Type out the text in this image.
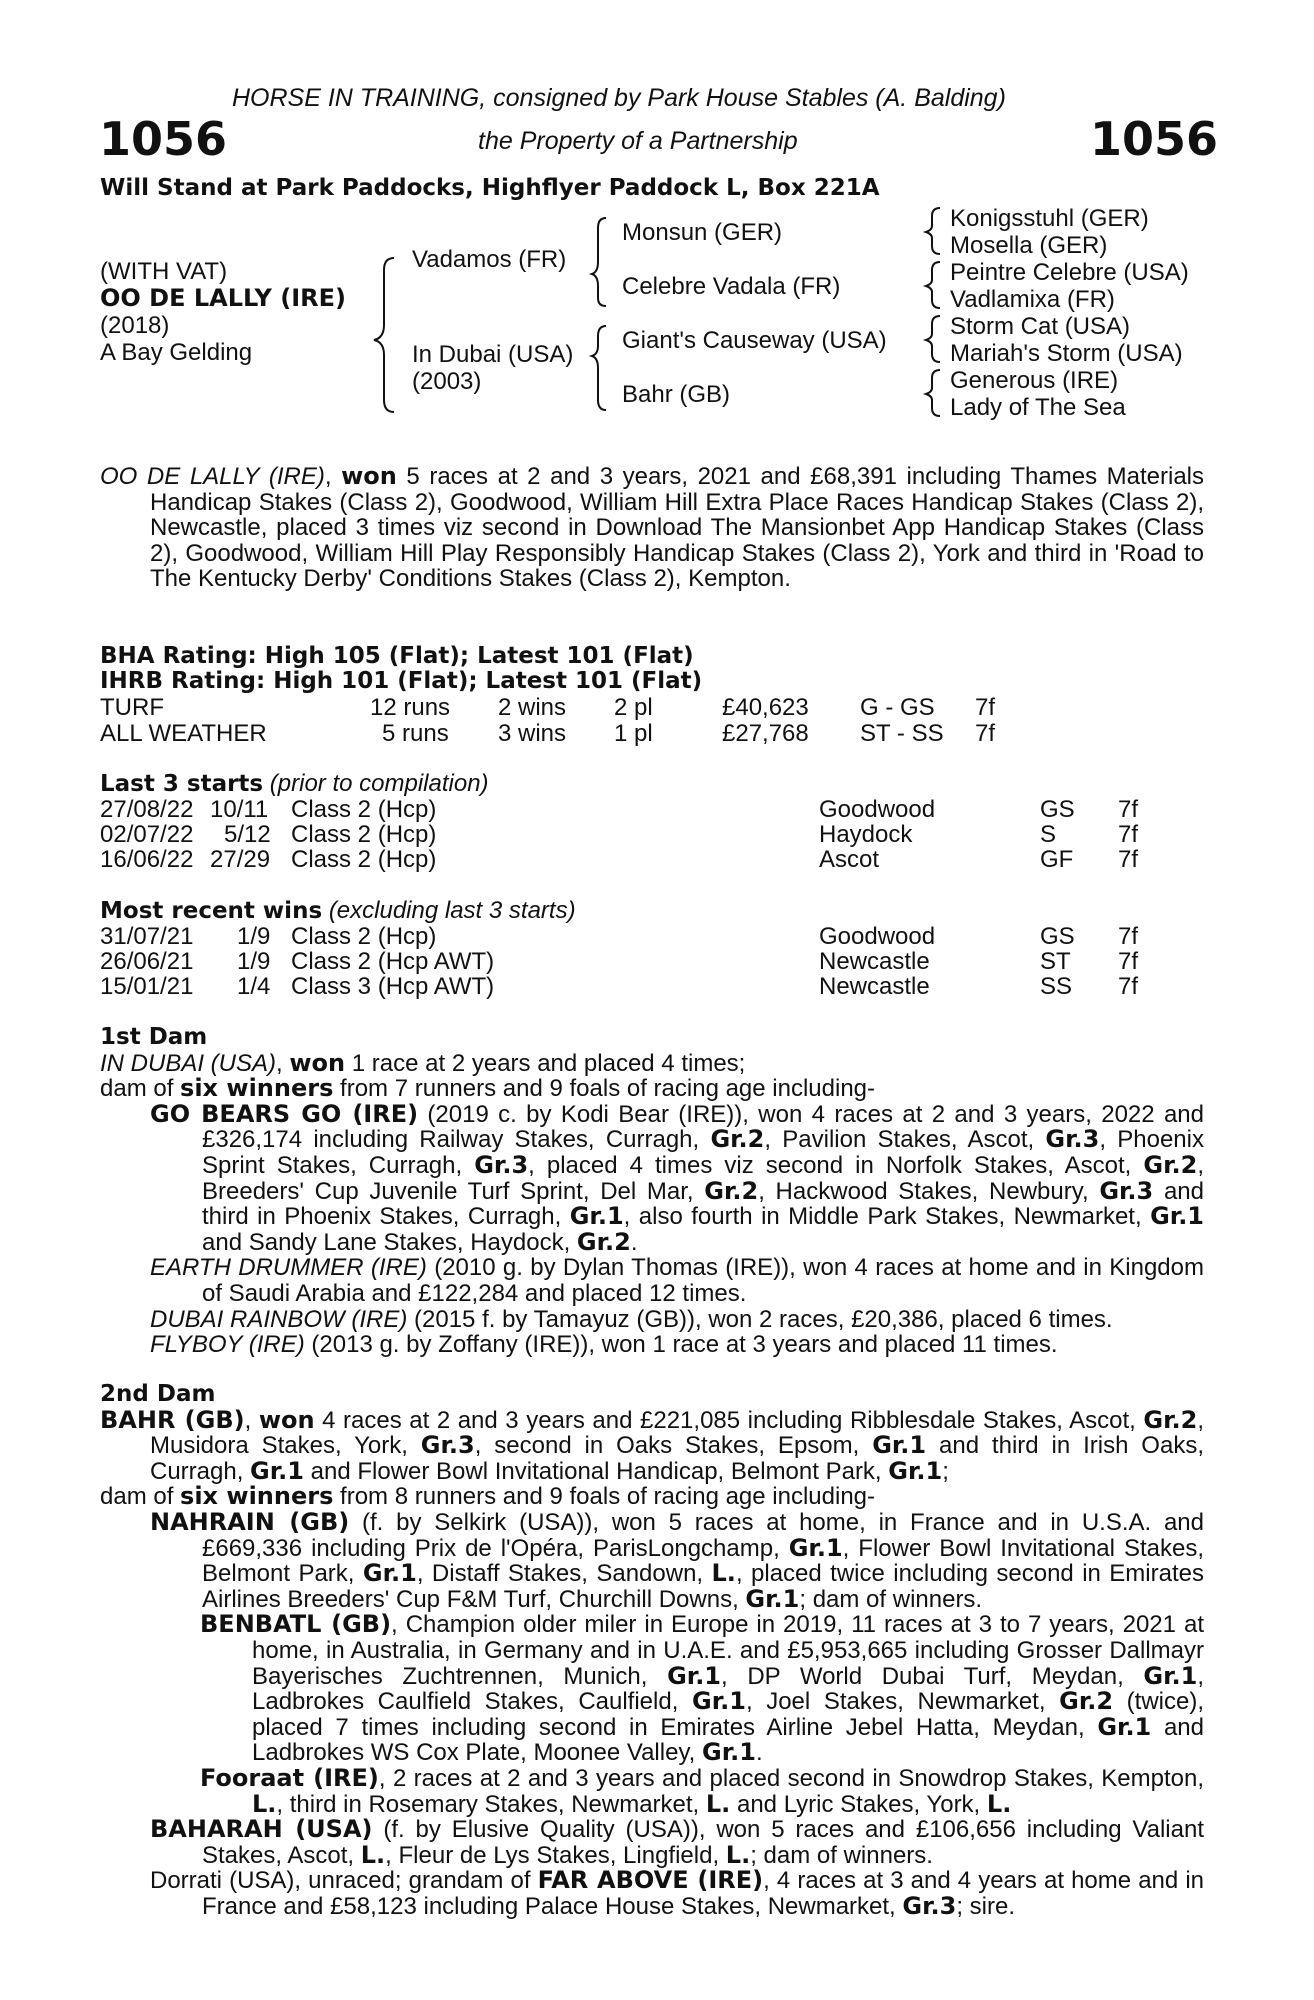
HORSE IN TRAINING, consigned by Park House Stables (A. Balding)
1056	the Property of a Partnership	1056
Will Stand at Park Paddocks, Highflyer Paddock L, Box 221A
(WITH VAT)
OO DE LALLY (IRE)
(2018)
A Bay Gelding
Vadamos (FR)
In Dubai (USA)
(2003)
Monsun (GER)
Celebre Vadala (FR)
Giant's Causeway (USA)
Bahr (GB)
Konigsstuhl (GER)
Mosella (GER)
Peintre Celebre (USA)
Vadlamixa (FR)
Storm Cat (USA)
Mariah's Storm (USA)
Generous (IRE)
Lady of The Sea

OO DE LALLY (IRE), won 5 races at 2 and 3 years, 2021 and £68,391 including Thames Materials Handicap Stakes (Class 2), Goodwood, William Hill Extra Place Races Handicap Stakes (Class 2), Newcastle, placed 3 times viz second in Download The Mansionbet App Handicap Stakes (Class 2), Goodwood, William Hill Play Responsibly Handicap Stakes (Class 2), York and third in 'Road to The Kentucky Derby' Conditions Stakes (Class 2), Kempton.

BHA Rating: High 105 (Flat); Latest 101 (Flat)
IHRB Rating: High 101 (Flat); Latest 101 (Flat)
TURF	12 runs 2 wins 2 pl	£40,623 G - GS 7f
ALL WEATHER	5 runs 3 wins 1 pl	£27,768 ST - SS 7f
Last 3 starts (prior to compilation)
27/08/22 10/11 Class 2 (Hcp)	Goodwood	GS 7f
02/07/22 5/12 Class 2 (Hcp)	Haydock	S	7f
16/06/22 27/29 Class 2 (Hcp)	Ascot	GF 7f
Most recent wins (excluding last 3 starts)
31/07/21 1/9 Class 2 (Hcp)	Goodwood	GS 7f
26/06/21 1/9 Class 2 (Hcp AWT)	Newcastle	ST 7f
15/01/21 1/4 Class 3 (Hcp AWT)	Newcastle	SS 7f

1st Dam

IN DUBAI (USA), won 1 race at 2 years and placed 4 times;

dam of six winners from 7 runners and 9 foals of racing age including-

GO BEARS GO (IRE) (2019 c. by Kodi Bear (IRE)), won 4 races at 2 and 3 years, 2022 and £326,174 including Railway Stakes, Curragh, Gr.2, Pavilion Stakes, Ascot, Gr.3, Phoenix Sprint Stakes, Curragh, Gr.3, placed 4 times viz second in Norfolk Stakes, Ascot, Gr.2, Breeders' Cup Juvenile Turf Sprint, Del Mar, Gr.2, Hackwood Stakes, Newbury, Gr.3 and third in Phoenix Stakes, Curragh, Gr.1, also fourth in Middle Park Stakes, Newmarket, Gr.1 and Sandy Lane Stakes, Haydock, Gr.2.

EARTH DRUMMER (IRE) (2010 g. by Dylan Thomas (IRE)), won 4 races at home and in Kingdom of Saudi Arabia and £122,284 and placed 12 times.

DUBAI RAINBOW (IRE) (2015 f. by Tamayuz (GB)), won 2 races, £20,386, placed 6 times.

FLYBOY (IRE) (2013 g. by Zoffany (IRE)), won 1 race at 3 years and placed 11 times.

2nd Dam

BAHR (GB), won 4 races at 2 and 3 years and £221,085 including Ribblesdale Stakes, Ascot, Gr.2, Musidora Stakes, York, Gr.3, second in Oaks Stakes, Epsom, Gr.1 and third in Irish Oaks, Curragh, Gr.1 and Flower Bowl Invitational Handicap, Belmont Park, Gr.1;

dam of six winners from 8 runners and 9 foals of racing age including-

NAHRAIN (GB) (f. by Selkirk (USA)), won 5 races at home, in France and in U.S.A. and £669,336 including Prix de l'Opéra, ParisLongchamp, Gr.1, Flower Bowl Invitational Stakes, Belmont Park, Gr.1, Distaff Stakes, Sandown, L., placed twice including second in Emirates Airlines Breeders' Cup F&M Turf, Churchill Downs, Gr.1; dam of winners.

BENBATL (GB), Champion older miler in Europe in 2019, 11 races at 3 to 7 years, 2021 at home, in Australia, in Germany and in U.A.E. and £5,953,665 including Grosser Dallmayr Bayerisches Zuchtrennen, Munich, Gr.1, DP World Dubai Turf, Meydan, Gr.1, Ladbrokes Caulfield Stakes, Caulfield, Gr.1, Joel Stakes, Newmarket, Gr.2 (twice), placed 7 times including second in Emirates Airline Jebel Hatta, Meydan, Gr.1 and Ladbrokes WS Cox Plate, Moonee Valley, Gr.1.

Fooraat (IRE), 2 races at 2 and 3 years and placed second in Snowdrop Stakes, Kempton, L., third in Rosemary Stakes, Newmarket, L. and Lyric Stakes, York, L.

BAHARAH (USA) (f. by Elusive Quality (USA)), won 5 races and £106,656 including Valiant Stakes, Ascot, L., Fleur de Lys Stakes, Lingfield, L.; dam of winners.

Dorrati (USA), unraced; grandam of FAR ABOVE (IRE), 4 races at 3 and 4 years at home and in France and £58,123 including Palace House Stakes, Newmarket, Gr.3; sire.
